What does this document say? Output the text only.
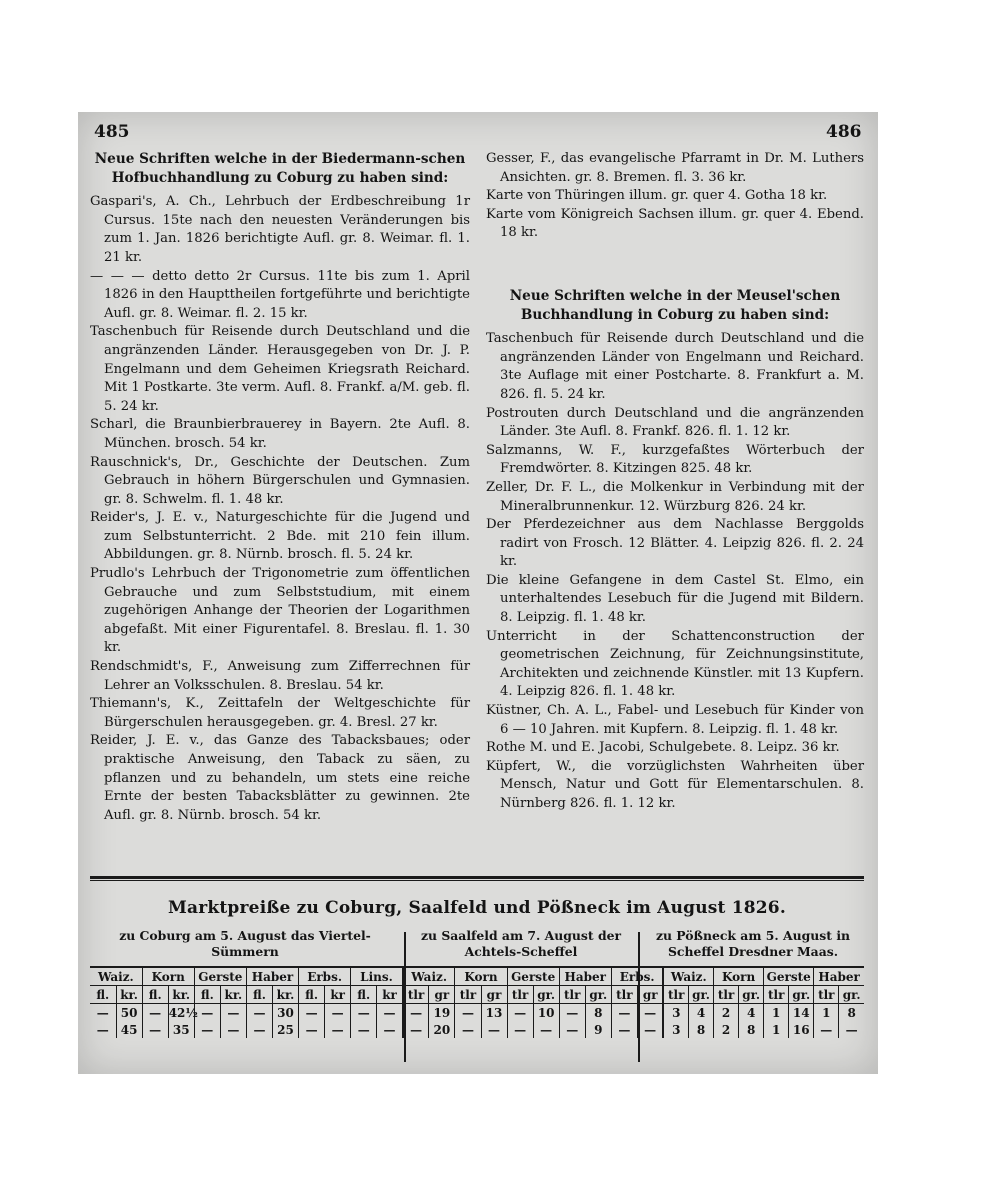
485	486
Neue Schriften welche in der Biedermann-schen Hofbuchhandlung zu Coburg zu haben sind:

Gaspari's, A. Ch., Lehrbuch der Erdbeschreibung 1r Cursus. 15te nach den neuesten Veränderungen bis zum 1. Jan. 1826 berichtigte Aufl. gr. 8. Weimar. fl. 1. 21 kr.

— — — detto detto 2r Cursus. 11te bis zum 1. April 1826 in den Haupttheilen fortgeführte und berichtigte Aufl. gr. 8. Weimar. fl. 2. 15 kr.

Taschenbuch für Reisende durch Deutschland und die angränzenden Länder. Herausgegeben von Dr. J. P. Engelmann und dem Geheimen Kriegsrath Reichard. Mit 1 Postkarte. 3te verm. Aufl. 8. Frankf. a/M. geb. fl. 5. 24 kr.

Scharl, die Braunbierbrauerey in Bayern. 2te Aufl. 8. München. brosch. 54 kr.

Rauschnick's, Dr., Geschichte der Deutschen. Zum Gebrauch in höhern Bürgerschulen und Gymnasien. gr. 8. Schwelm. fl. 1. 48 kr.

Reider's, J. E. v., Naturgeschichte für die Jugend und zum Selbstunterricht. 2 Bde. mit 210 fein illum. Abbildungen. gr. 8. Nürnb. brosch. fl. 5. 24 kr.

Prudlo's Lehrbuch der Trigonometrie zum öffentlichen Gebrauche und zum Selbststudium, mit einem zugehörigen Anhange der Theorien der Logarithmen abgefaßt. Mit einer Figurentafel. 8. Breslau. fl. 1. 30 kr.

Rendschmidt's, F., Anweisung zum Zifferrechnen für Lehrer an Volksschulen. 8. Breslau. 54 kr.

Thiemann's, K., Zeittafeln der Weltgeschichte für Bürgerschulen herausgegeben. gr. 4. Bresl. 27 kr.

Reider, J. E. v., das Ganze des Tabacksbaues; oder praktische Anweisung, den Taback zu säen, zu pflanzen und zu behandeln, um stets eine reiche Ernte der besten Tabacksblätter zu gewinnen. 2te Aufl. gr. 8. Nürnb. brosch. 54 kr.

Gesser, F., das evangelische Pfarramt in Dr. M. Luthers Ansichten. gr. 8. Bremen. fl. 3. 36 kr.

Karte von Thüringen illum. gr. quer 4. Gotha 18 kr.

Karte vom Königreich Sachsen illum. gr. quer 4. Ebend. 18 kr.

Neue Schriften welche in der Meusel'schen Buchhandlung in Coburg zu haben sind:

Taschenbuch für Reisende durch Deutschland und die angränzenden Länder von Engelmann und Reichard. 3te Auflage mit einer Postcharte. 8. Frankfurt a. M. 826. fl. 5. 24 kr.

Postrouten durch Deutschland und die angränzenden Länder. 3te Aufl. 8. Frankf. 826. fl. 1. 12 kr.

Salzmanns, W. F., kurzgefaßtes Wörterbuch der Fremdwörter. 8. Kitzingen 825. 48 kr.

Zeller, Dr. F. L., die Molkenkur in Verbindung mit der Mineralbrunnenkur. 12. Würzburg 826. 24 kr.

Der Pferdezeichner aus dem Nachlasse Berggolds radirt von Frosch. 12 Blätter. 4. Leipzig 826. fl. 2. 24 kr.

Die kleine Gefangene in dem Castel St. Elmo, ein unterhaltendes Lesebuch für die Jugend mit Bildern. 8. Leipzig. fl. 1. 48 kr.

Unterricht in der Schattenconstruction der geometrischen Zeichnung, für Zeichnungsinstitute, Architekten und zeichnende Künstler. mit 13 Kupfern. 4. Leipzig 826. fl. 1. 48 kr.

Küstner, Ch. A. L., Fabel- und Lesebuch für Kinder von 6 — 10 Jahren. mit Kupfern. 8. Leipzig. fl. 1. 48 kr.

Rothe M. und E. Jacobi, Schulgebete. 8. Leipz. 36 kr.

Küpfert, W., die vorzüglichsten Wahrheiten über Mensch, Natur und Gott für Elementarschulen. 8. Nürnberg 826. fl. 1. 12 kr.

Marktpreiße zu Coburg, Saalfeld und Pößneck im August 1826.
zu Coburg am 5. August das Viertel-Sümmern
zu Saalfeld am 7. August der Achtels-Scheffel
zu Pößneck am 5. August in Scheffel Dresdner Maas.
Waiz.		Korn		Gerste		Haber		Erbs.		Lins.		Waiz.		Korn		Gerste		Haber		Erbs.		Waiz.		Korn		Gerste		Haber	
fl.	kr.	fl.	kr.	fl.	kr.	fl.	kr.	fl.	kr	fl.	kr	tlr	gr	tlr	gr	tlr	gr.	tlr	gr.	tlr	gr	tlr	gr.	tlr	gr.	tlr	gr.	tlr	gr.
—	50	—	42½	—	—	—	30	—	—	—	—	—	19	—	13	—	10	—	8	—	—	3	4	2	4	1	14	1	8
—	45	—	35	—	—	—	25	—	—	—	—	—	20	—	—	—	—	—	9	—	—	3	8	2	8	1	16	—	—
